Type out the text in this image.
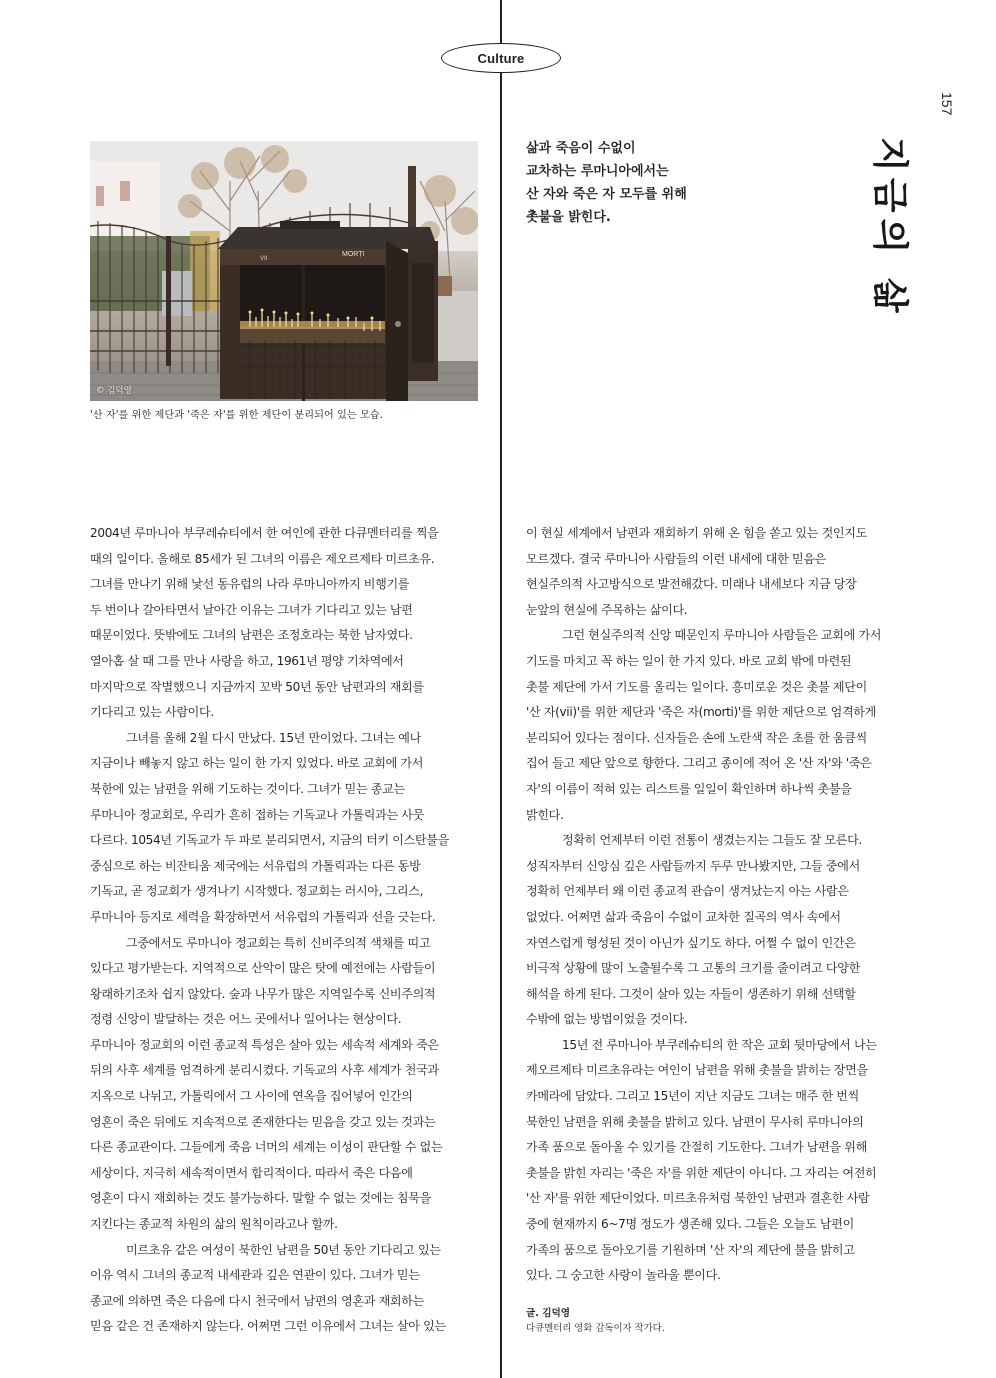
Culture
157
지금의 삶
삶과 죽음이 수없이
교차하는 루마니아에서는
산 자와 죽은 자 모두를 위해
촛불을 밝힌다.
VII
MORȚI
© 김덕영
'산 자'를 위한 제단과 '죽은 자'를 위한 제단이 분리되어 있는 모습.
2004년 루마니아 부쿠레슈티에서 한 여인에 관한 다큐멘터리를 찍을
때의 일이다. 올해로 85세가 된 그녀의 이름은 제오르제타 미르초유.
그녀를 만나기 위해 낯선 동유럽의 나라 루마니아까지 비행기를
두 번이나 갈아타면서 날아간 이유는 그녀가 기다리고 있는 남편
때문이었다. 뜻밖에도 그녀의 남편은 조정호라는 북한 남자였다.
열아홉 살 때 그를 만나 사랑을 하고, 1961년 평양 기차역에서
마지막으로 작별했으니 지금까지 꼬박 50년 동안 남편과의 재회를
기다리고 있는 사람이다.
그녀를 올해 2월 다시 만났다. 15년 만이었다. 그녀는 예나
지금이나 빼놓지 않고 하는 일이 한 가지 있었다. 바로 교회에 가서
북한에 있는 남편을 위해 기도하는 것이다. 그녀가 믿는 종교는
루마니아 정교회로, 우리가 흔히 접하는 기독교나 가톨릭과는 사뭇
다르다. 1054년 기독교가 두 파로 분리되면서, 지금의 터키 이스탄불을
중심으로 하는 비잔티움 제국에는 서유럽의 가톨릭과는 다른 동방
기독교, 곧 정교회가 생겨나기 시작했다. 정교회는 러시아, 그리스,
루마니아 등지로 세력을 확장하면서 서유럽의 가톨릭과 선을 긋는다.
그중에서도 루마니아 정교회는 특히 신비주의적 색채를 띠고
있다고 평가받는다. 지역적으로 산악이 많은 탓에 예전에는 사람들이
왕래하기조차 쉽지 않았다. 숲과 나무가 많은 지역일수록 신비주의적
정령 신앙이 발달하는 것은 어느 곳에서나 일어나는 현상이다.
루마니아 정교회의 이런 종교적 특성은 살아 있는 세속적 세계와 죽은
뒤의 사후 세계를 엄격하게 분리시켰다. 기독교의 사후 세계가 천국과
지옥으로 나뉘고, 가톨릭에서 그 사이에 연옥을 집어넣어 인간의
영혼이 죽은 뒤에도 지속적으로 존재한다는 믿음을 갖고 있는 것과는
다른 종교관이다. 그들에게 죽음 너머의 세계는 이성이 판단할 수 없는
세상이다. 지극히 세속적이면서 합리적이다. 따라서 죽은 다음에
영혼이 다시 재회하는 것도 불가능하다. 말할 수 없는 것에는 침묵을
지킨다는 종교적 차원의 삶의 원칙이라고나 할까.
미르초유 같은 여성이 북한인 남편을 50년 동안 기다리고 있는
이유 역시 그녀의 종교적 내세관과 깊은 연관이 있다. 그녀가 믿는
종교에 의하면 죽은 다음에 다시 천국에서 남편의 영혼과 재회하는
믿음 같은 건 존재하지 않는다. 어쩌면 그런 이유에서 그녀는 살아 있는
이 현실 세계에서 남편과 재회하기 위해 온 힘을 쏟고 있는 것인지도
모르겠다. 결국 루마니아 사람들의 이런 내세에 대한 믿음은
현실주의적 사고방식으로 발전해갔다. 미래나 내세보다 지금 당장
눈앞의 현실에 주목하는 삶이다.
그런 현실주의적 신앙 때문인지 루마니아 사람들은 교회에 가서
기도를 마치고 꼭 하는 일이 한 가지 있다. 바로 교회 밖에 마련된
촛불 제단에 가서 기도를 올리는 일이다. 흥미로운 것은 촛불 제단이
'산 자(vii)'를 위한 제단과 '죽은 자(morti)'를 위한 제단으로 엄격하게
분리되어 있다는 점이다. 신자들은 손에 노란색 작은 초를 한 움큼씩
집어 들고 제단 앞으로 향한다. 그리고 종이에 적어 온 '산 자'와 '죽은
자'의 이름이 적혀 있는 리스트를 일일이 확인하며 하나씩 촛불을
밝힌다.
정확히 언제부터 이런 전통이 생겼는지는 그들도 잘 모른다.
성직자부터 신앙심 깊은 사람들까지 두루 만나봤지만, 그들 중에서
정확히 언제부터 왜 이런 종교적 관습이 생겨났는지 아는 사람은
없었다. 어쩌면 삶과 죽음이 수없이 교차한 질곡의 역사 속에서
자연스럽게 형성된 것이 아닌가 싶기도 하다. 어쩔 수 없이 인간은
비극적 상황에 많이 노출될수록 그 고통의 크기를 줄이려고 다양한
해석을 하게 된다. 그것이 살아 있는 자들이 생존하기 위해 선택할
수밖에 없는 방법이었을 것이다.
15년 전 루마니아 부쿠레슈티의 한 작은 교회 뒷마당에서 나는
제오르제타 미르초유라는 여인이 남편을 위해 촛불을 밝히는 장면을
카메라에 담았다. 그리고 15년이 지난 지금도 그녀는 매주 한 번씩
북한인 남편을 위해 촛불을 밝히고 있다. 남편이 무사히 루마니아의
가족 품으로 돌아올 수 있기를 간절히 기도한다. 그녀가 남편을 위해
촛불을 밝힌 자리는 '죽은 자'를 위한 제단이 아니다. 그 자리는 여전히
'산 자'를 위한 제단이었다. 미르초유처럼 북한인 남편과 결혼한 사람
중에 현재까지 6~7명 정도가 생존해 있다. 그들은 오늘도 남편이
가족의 품으로 돌아오기를 기원하며 '산 자'의 제단에 불을 밝히고
있다. 그 숭고한 사랑이 놀라울 뿐이다.
글. 김덕영
다큐멘터리 영화 감독이자 작가다.
